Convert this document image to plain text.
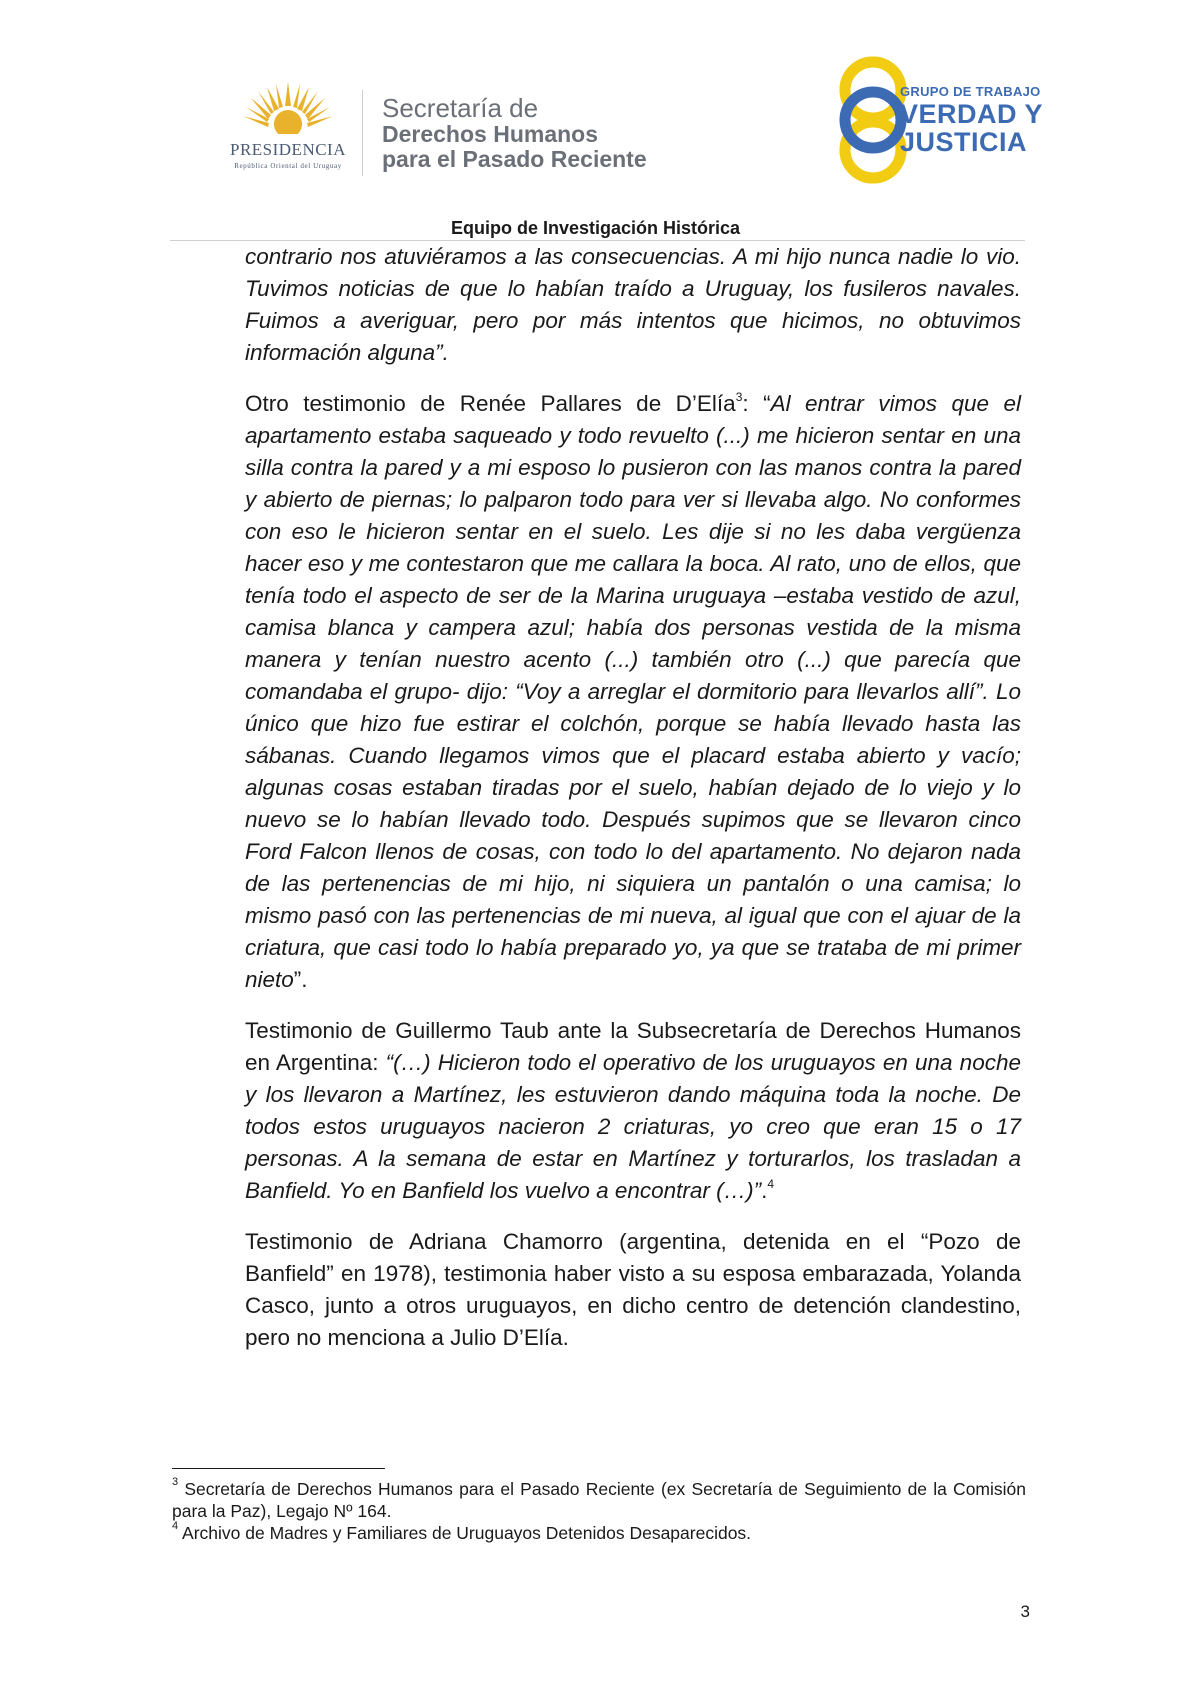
PRESIDENCIA
República Oriental del Uruguay
Secretaría de
Derechos Humanos
para el Pasado Reciente
GRUPO DE TRABAJO
VERDAD Y
JUSTICIA
Equipo de Investigación Histórica

contrario nos atuviéramos a las consecuencias. A mi hijo nunca nadie lo vio. Tuvimos noticias de que lo habían traído a Uruguay, los fusileros navales. Fuimos a averiguar, pero por más intentos que hicimos, no obtuvimos información alguna”.

Otro testimonio de Renée Pallares de D’Elía$^3$: “Al entrar vimos que el apartamento estaba saqueado y todo revuelto (...) me hicieron sentar en una silla contra la pared y a mi esposo lo pusieron con las manos contra la pared y abierto de piernas; lo palparon todo para ver si llevaba algo. No conformes con eso le hicieron sentar en el suelo. Les dije si no les daba vergüenza hacer eso y me contestaron que me callara la boca. Al rato, uno de ellos, que tenía todo el aspecto de ser de la Marina uruguaya –estaba vestido de azul, camisa blanca y campera azul; había dos personas vestida de la misma manera y tenían nuestro acento (...) también otro (...) que parecía que comandaba el grupo- dijo: “Voy a arreglar el dormitorio para llevarlos allí”. Lo único que hizo fue estirar el colchón, porque se había llevado hasta las sábanas. Cuando llegamos vimos que el placard estaba abierto y vacío; algunas cosas estaban tiradas por el suelo, habían dejado de lo viejo y lo nuevo se lo habían llevado todo. Después supimos que se llevaron cinco Ford Falcon llenos de cosas, con todo lo del apartamento. No dejaron nada de las pertenencias de mi hijo, ni siquiera un pantalón o una camisa; lo mismo pasó con las pertenencias de mi nueva, al igual que con el ajuar de la criatura, que casi todo lo había preparado yo, ya que se trataba de mi primer nieto”.

Testimonio de Guillermo Taub ante la Subsecretaría de Derechos Humanos en Argentina: “(…) Hicieron todo el operativo de los uruguayos en una noche y los llevaron a Martínez, les estuvieron dando máquina toda la noche. De todos estos uruguayos nacieron 2 criaturas, yo creo que eran 15 o 17 personas. A la semana de estar en Martínez y torturarlos, los trasladan a Banfield. Yo en Banfield los vuelvo a encontrar (…)”.$^4$

Testimonio de Adriana Chamorro (argentina, detenida en el “Pozo de Banfield” en 1978), testimonia haber visto a su esposa embarazada, Yolanda Casco, junto a otros uruguayos, en dicho centro de detención clandestino, pero no menciona a Julio D’Elía.

$^3$ Secretaría de Derechos Humanos para el Pasado Reciente (ex Secretaría de Seguimiento de la Comisión para la Paz), Legajo Nº 164.
$^4$ Archivo de Madres y Familiares de Uruguayos Detenidos Desaparecidos.
3
